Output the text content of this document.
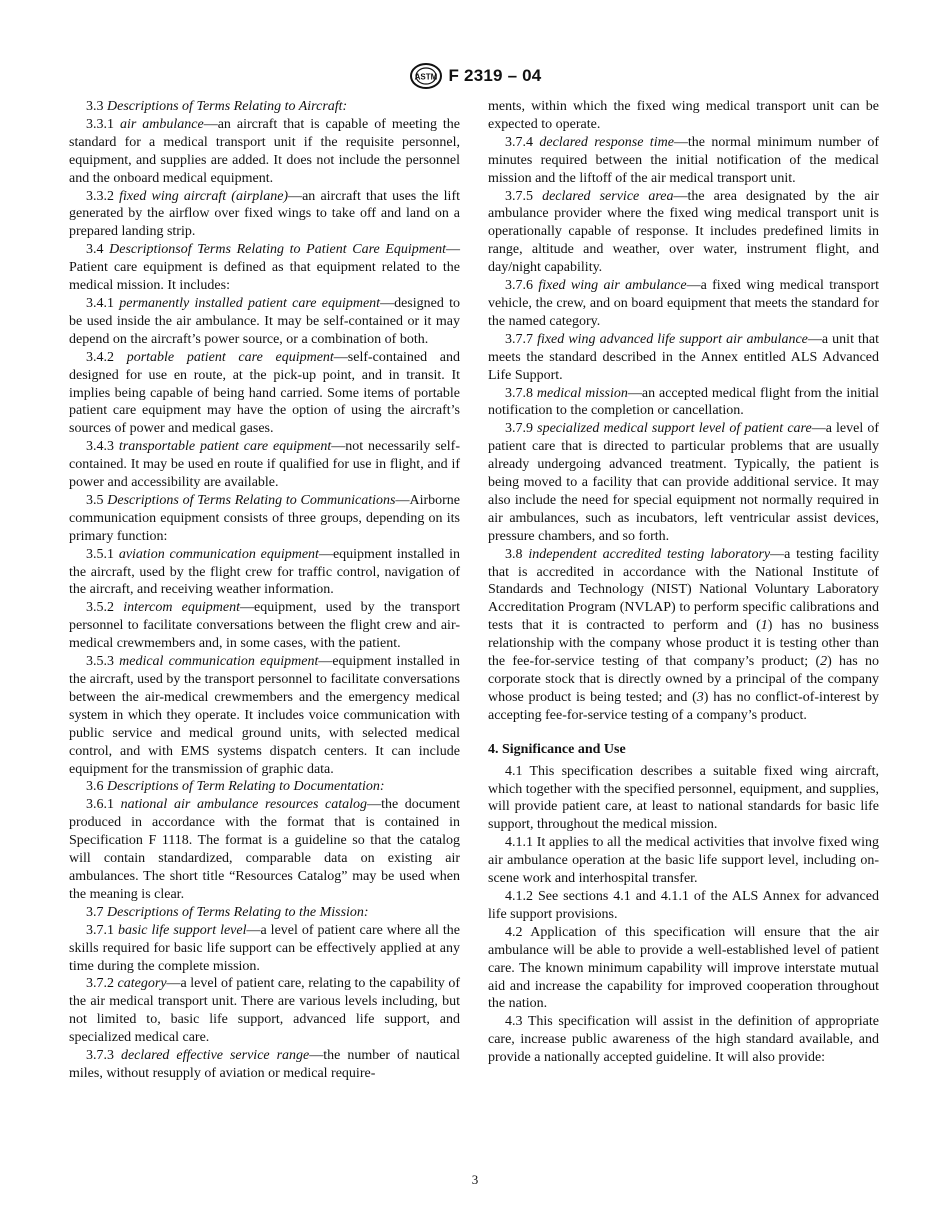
ASTM F 2319 – 04

3.3 Descriptions of Terms Relating to Aircraft:

3.3.1 air ambulance—an aircraft that is capable of meeting the standard for a medical transport unit if the requisite personnel, equipment, and supplies are added. It does not include the personnel and the onboard medical equipment.

3.3.2 fixed wing aircraft (airplane)—an aircraft that uses the lift generated by the airflow over fixed wings to take off and land on a prepared landing strip.

3.4 Descriptionsof Terms Relating to Patient Care Equipment—Patient care equipment is defined as that equipment related to the medical mission. It includes:

3.4.1 permanently installed patient care equipment—designed to be used inside the air ambulance. It may be self-contained or it may depend on the aircraft’s power source, or a combination of both.

3.4.2 portable patient care equipment—self-contained and designed for use en route, at the pick-up point, and in transit. It implies being capable of being hand carried. Some items of portable patient care equipment may have the option of using the aircraft’s sources of power and medical gases.

3.4.3 transportable patient care equipment—not necessarily self-contained. It may be used en route if qualified for use in flight, and if power and accessibility are available.

3.5 Descriptions of Terms Relating to Communications—Airborne communication equipment consists of three groups, depending on its primary function:

3.5.1 aviation communication equipment—equipment installed in the aircraft, used by the flight crew for traffic control, navigation of the aircraft, and receiving weather information.

3.5.2 intercom equipment—equipment, used by the transport personnel to facilitate conversations between the flight crew and air-medical crewmembers and, in some cases, with the patient.

3.5.3 medical communication equipment—equipment installed in the aircraft, used by the transport personnel to facilitate conversations between the air-medical crewmembers and the emergency medical system in which they operate. It includes voice communication with public service and medical ground units, with selected medical control, and with EMS systems dispatch centers. It can include equipment for the transmission of graphic data.

3.6 Descriptions of Term Relating to Documentation:

3.6.1 national air ambulance resources catalog—the document produced in accordance with the format that is contained in Specification F 1118. The format is a guideline so that the catalog will contain standardized, comparable data on existing air ambulances. The short title “Resources Catalog” may be used when the meaning is clear.

3.7 Descriptions of Terms Relating to the Mission:

3.7.1 basic life support level—a level of patient care where all the skills required for basic life support can be effectively applied at any time during the complete mission.

3.7.2 category—a level of patient care, relating to the capability of the air medical transport unit. There are various levels including, but not limited to, basic life support, advanced life support, and specialized medical care.

3.7.3 declared effective service range—the number of nautical miles, without resupply of aviation or medical require-

ments, within which the fixed wing medical transport unit can be expected to operate.

3.7.4 declared response time—the normal minimum number of minutes required between the initial notification of the medical mission and the liftoff of the air medical transport unit.

3.7.5 declared service area—the area designated by the air ambulance provider where the fixed wing medical transport unit is operationally capable of response. It includes predefined limits in range, altitude and weather, over water, instrument flight, and day/night capability.

3.7.6 fixed wing air ambulance—a fixed wing medical transport vehicle, the crew, and on board equipment that meets the standard for the named category.

3.7.7 fixed wing advanced life support air ambulance—a unit that meets the standard described in the Annex entitled ALS Advanced Life Support.

3.7.8 medical mission—an accepted medical flight from the initial notification to the completion or cancellation.

3.7.9 specialized medical support level of patient care—a level of patient care that is directed to particular problems that are usually already undergoing advanced treatment. Typically, the patient is being moved to a facility that can provide additional service. It may also include the need for special equipment not normally required in air ambulances, such as incubators, left ventricular assist devices, pressure chambers, and so forth.

3.8 independent accredited testing laboratory—a testing facility that is accredited in accordance with the National Institute of Standards and Technology (NIST) National Voluntary Laboratory Accreditation Program (NVLAP) to perform specific calibrations and tests that it is contracted to perform and (1) has no business relationship with the company whose product it is testing other than the fee-for-service testing of that company’s product; (2) has no corporate stock that is directly owned by a principal of the company whose product is being tested; and (3) has no conflict-of-interest by accepting fee-for-service testing of a company’s product.

4. Significance and Use

4.1 This specification describes a suitable fixed wing aircraft, which together with the specified personnel, equipment, and supplies, will provide patient care, at least to national standards for basic life support, throughout the medical mission.

4.1.1 It applies to all the medical activities that involve fixed wing air ambulance operation at the basic life support level, including on-scene work and interhospital transfer.

4.1.2 See sections 4.1 and 4.1.1 of the ALS Annex for advanced life support provisions.

4.2 Application of this specification will ensure that the air ambulance will be able to provide a well-established level of patient care. The known minimum capability will improve interstate mutual aid and increase the capability for improved cooperation throughout the nation.

4.3 This specification will assist in the definition of appropriate care, increase public awareness of the high standard available, and provide a nationally accepted guideline. It will also provide:

3
